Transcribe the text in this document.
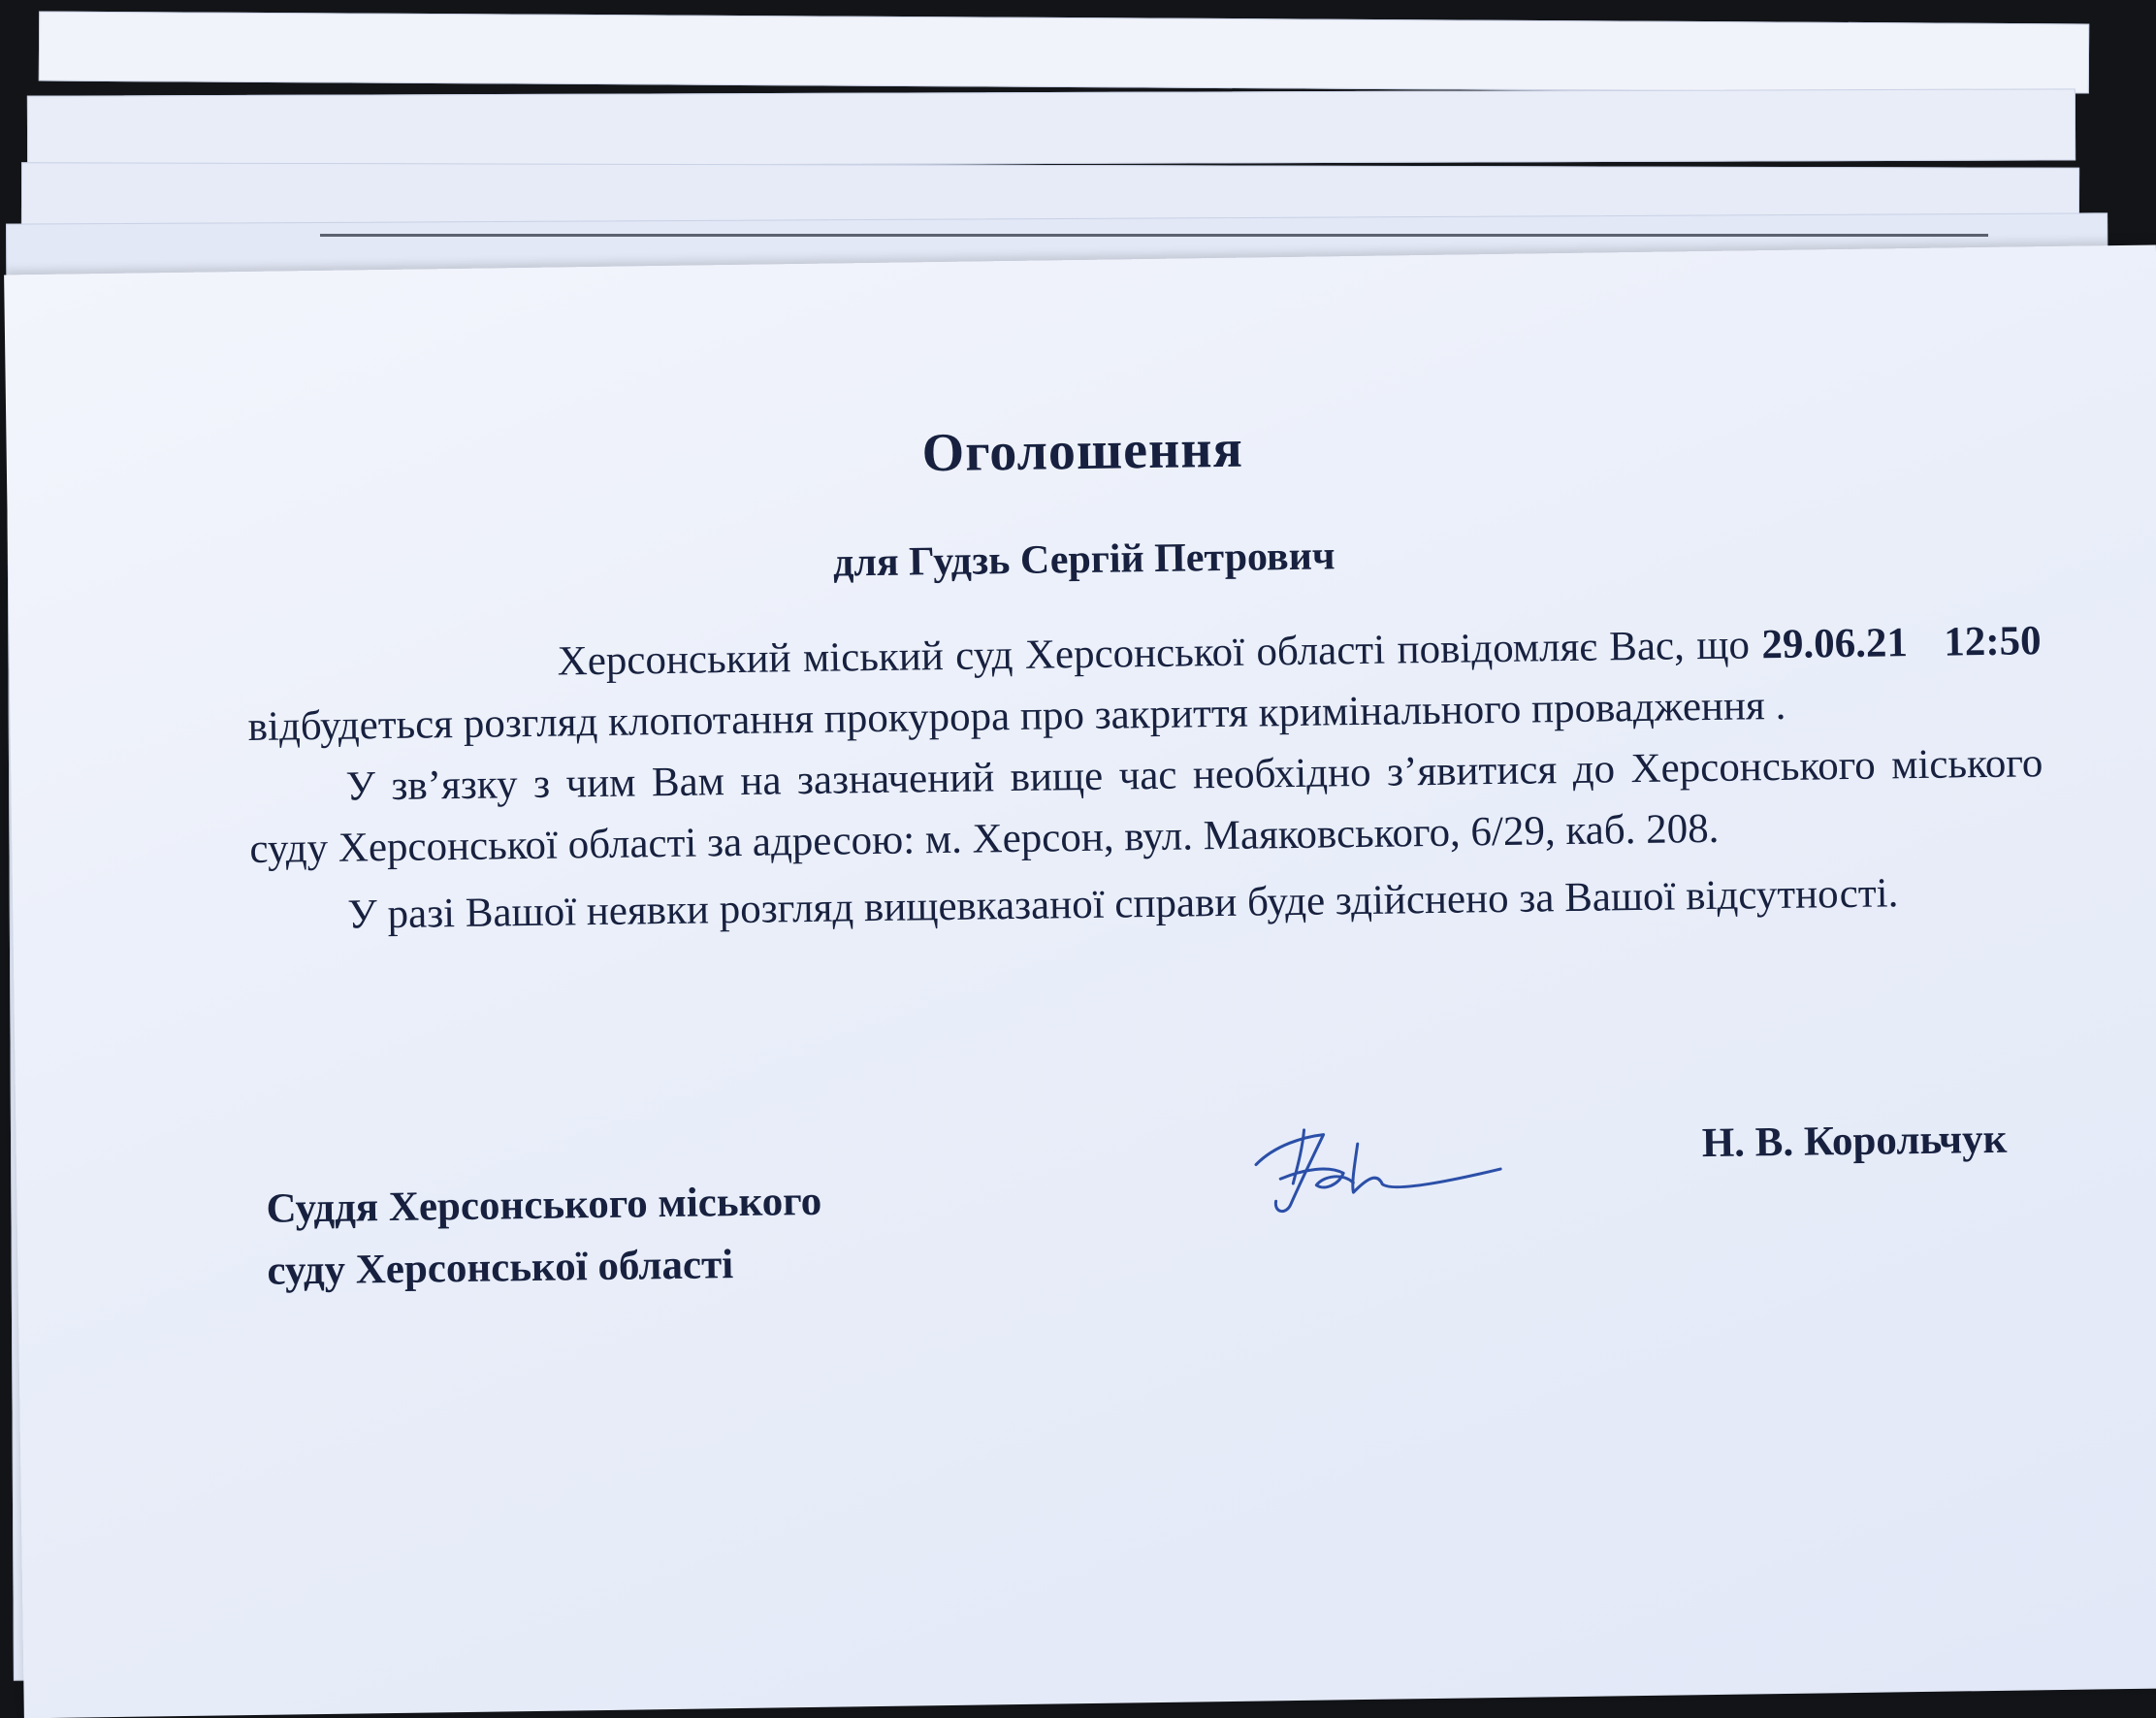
Оголошення
для Гудзь Сергій Петрович

Херсонський міський суд Херсонської області повідомляє Вас, що 29.06.21 12:50 відбудеться розгляд клопотання прокурора про закриття кримінального провадження .

У зв’язку з чим Вам на зазначений вище час необхідно з’явитися до Херсонського міського суду Херсонської області за адресою: м. Херсон, вул. Маяковського, 6/29, каб. 208.

У разі Вашої неявки розгляд вищевказаної справи буде здійснено за Вашої відсутності.

Суддя Херсонського міського
суду Херсонської області
Н. В. Корольчук
